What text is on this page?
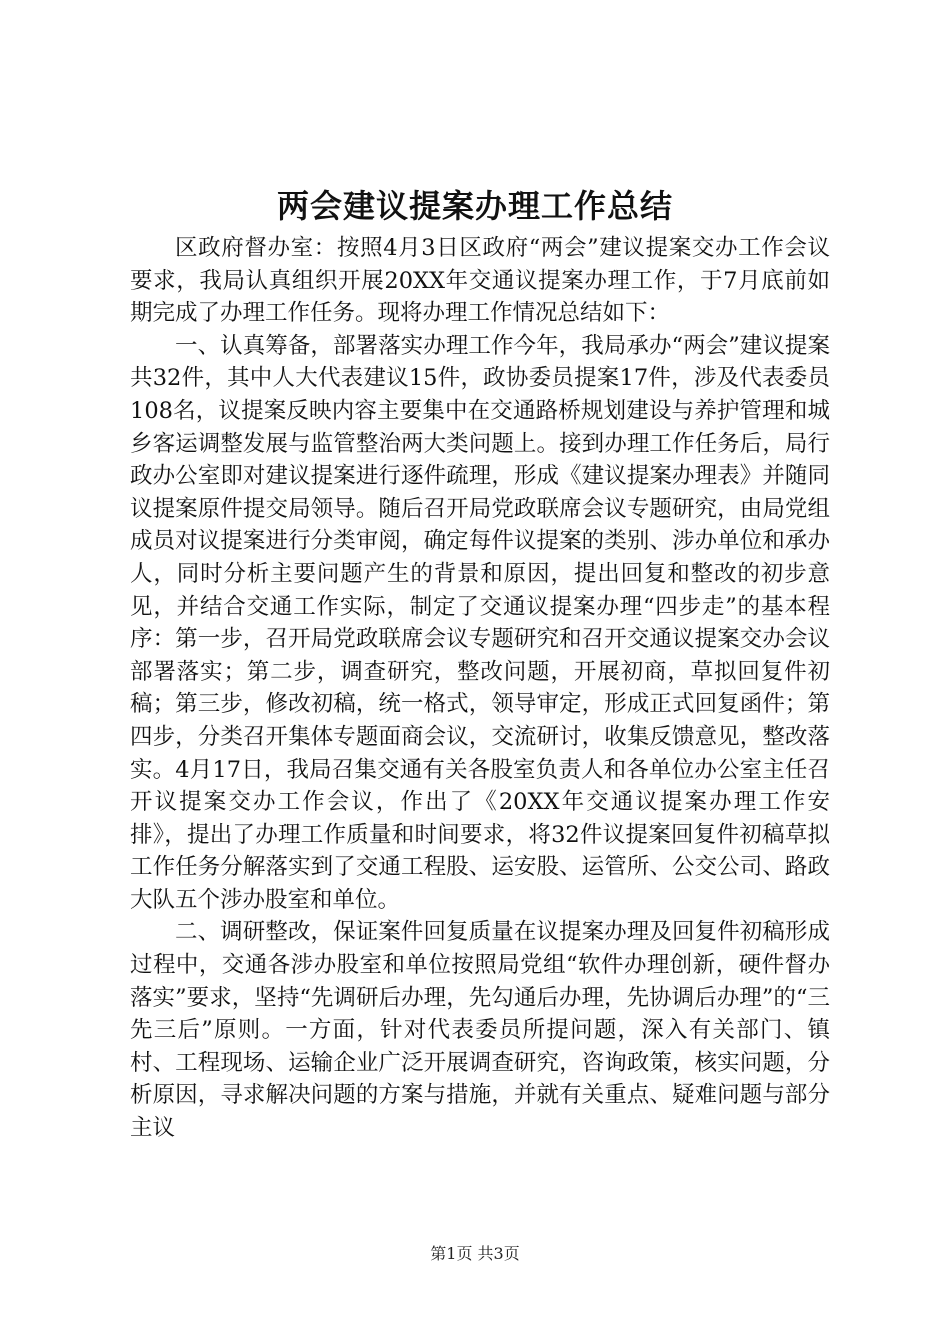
两会建议提案办理工作总结

区政府督办室：按照4月3日区政府“两会”建议提案交办工作会议要求，我局认真组织开展20XX年交通议提案办理工作，于7月底前如期完成了办理工作任务。现将办理工作情况总结如下：

一、认真筹备，部署落实办理工作今年，我局承办“两会”建议提案共32件，其中人大代表建议15件，政协委员提案17件，涉及代表委员108名，议提案反映内容主要集中在交通路桥规划建设与养护管理和城乡客运调整发展与监管整治两大类问题上。接到办理工作任务后，局行政办公室即对建议提案进行逐件疏理，形成《建议提案办理表》并随同议提案原件提交局领导。随后召开局党政联席会议专题研究，由局党组成员对议提案进行分类审阅，确定每件议提案的类别、涉办单位和承办人，同时分析主要问题产生的背景和原因，提出回复和整改的初步意见，并结合交通工作实际，制定了交通议提案办理“四步走”的基本程序：第一步，召开局党政联席会议专题研究和召开交通议提案交办会议部署落实；第二步，调查研究，整改问题，开展初商，草拟回复件初稿；第三步，修改初稿，统一格式，领导审定，形成正式回复函件；第四步，分类召开集体专题面商会议，交流研讨，收集反馈意见，整改落实。4月17日，我局召集交通有关各股室负责人和各单位办公室主任召开议提案交办工作会议，作出了《20XX年交通议提案办理工作安排》，提出了办理工作质量和时间要求，将32件议提案回复件初稿草拟工作任务分解落实到了交通工程股、运安股、运管所、公交公司、路政大队五个涉办股室和单位。

二、调研整改，保证案件回复质量在议提案办理及回复件初稿形成过程中，交通各涉办股室和单位按照局党组“软件办理创新，硬件督办落实”要求，坚持“先调研后办理，先勾通后办理，先协调后办理”的“三先三后”原则。一方面，针对代表委员所提问题，深入有关部门、镇村、工程现场、运输企业广泛开展调查研究，咨询政策，核实问题，分析原因，寻求解决问题的方案与措施，并就有关重点、疑难问题与部分主议

第1页 共3页
